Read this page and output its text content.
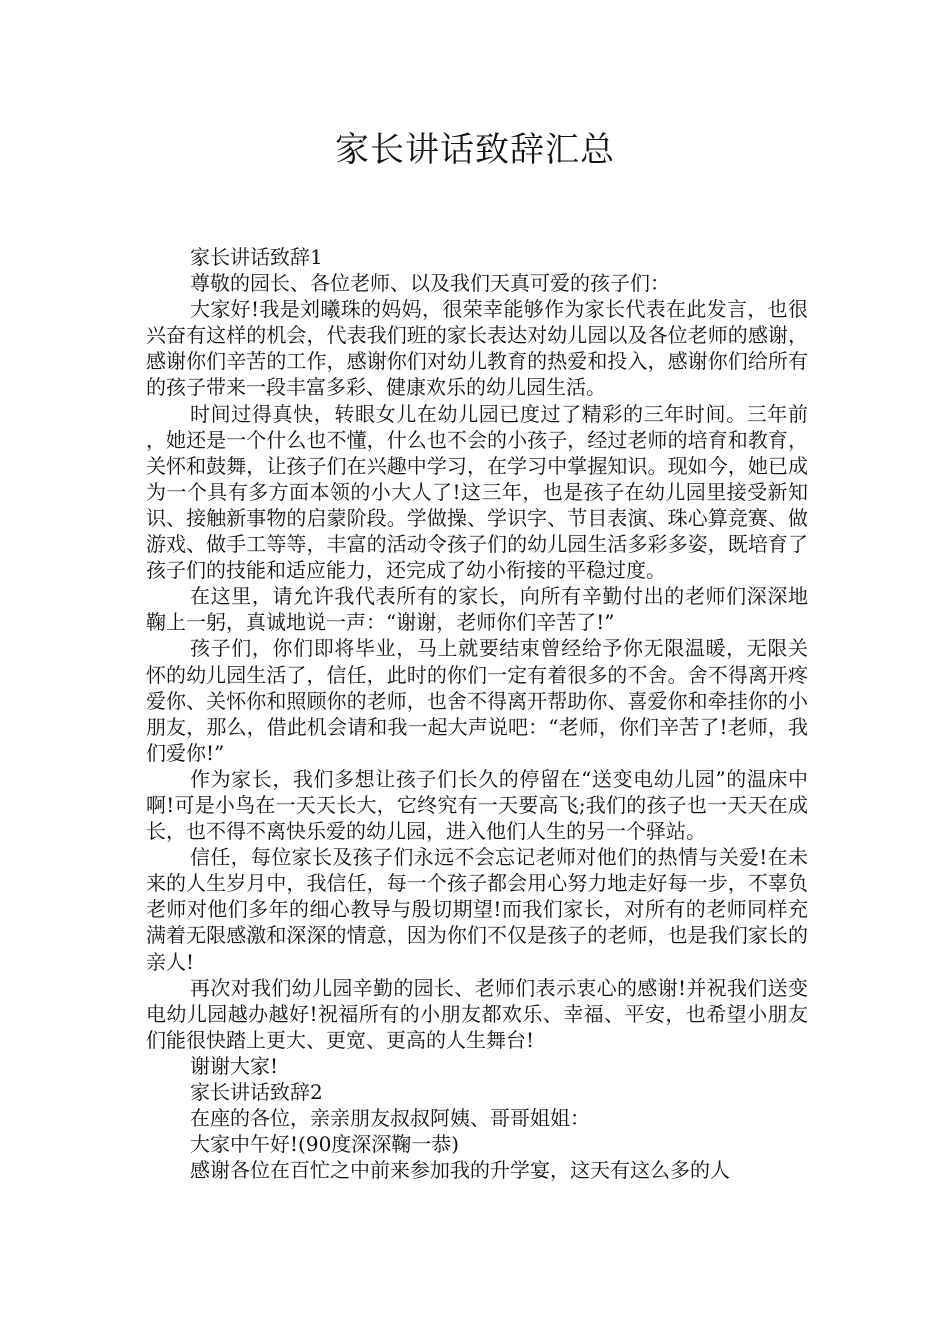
家长讲话致辞汇总

家长讲话致辞1

尊敬的园长、各位老师、以及我们天真可爱的孩子们：

大家好!我是刘曦珠的妈妈，很荣幸能够作为家长代表在此发言，也很兴奋有这样的机会，代表我们班的家长表达对幼儿园以及各位老师的感谢，感谢你们辛苦的工作，感谢你们对幼儿教育的热爱和投入，感谢你们给所有的孩子带来一段丰富多彩、健康欢乐的幼儿园生活。

时间过得真快，转眼女儿在幼儿园已度过了精彩的三年时间。三年前，她还是一个什么也不懂，什么也不会的小孩子，经过老师的培育和教育，关怀和鼓舞，让孩子们在兴趣中学习，在学习中掌握知识。现如今，她已成为一个具有多方面本领的小大人了!这三年，也是孩子在幼儿园里接受新知识、接触新事物的启蒙阶段。学做操、学识字、节目表演、珠心算竞赛、做游戏、做手工等等，丰富的活动令孩子们的幼儿园生活多彩多姿，既培育了孩子们的技能和适应能力，还完成了幼小衔接的平稳过度。

在这里，请允许我代表所有的家长，向所有辛勤付出的老师们深深地鞠上一躬，真诚地说一声：“谢谢，老师你们辛苦了!”

孩子们，你们即将毕业，马上就要结束曾经给予你无限温暖，无限关怀的幼儿园生活了，信任，此时的你们一定有着很多的不舍。舍不得离开疼爱你、关怀你和照顾你的老师，也舍不得离开帮助你、喜爱你和牵挂你的小朋友，那么，借此机会请和我一起大声说吧：“老师，你们辛苦了!老师，我们爱你!”

作为家长，我们多想让孩子们长久的停留在“送变电幼儿园”的温床中啊!可是小鸟在一天天长大，它终究有一天要高飞;我们的孩子也一天天在成长，也不得不离快乐爱的幼儿园，进入他们人生的另一个驿站。

信任，每位家长及孩子们永远不会忘记老师对他们的热情与关爱!在未来的人生岁月中，我信任，每一个孩子都会用心努力地走好每一步，不辜负老师对他们多年的细心教导与殷切期望!而我们家长，对所有的老师同样充满着无限感激和深深的情意，因为你们不仅是孩子的老师，也是我们家长的亲人!

再次对我们幼儿园辛勤的园长、老师们表示衷心的感谢!并祝我们送变电幼儿园越办越好!祝福所有的小朋友都欢乐、幸福、平安，也希望小朋友们能很快踏上更大、更宽、更高的人生舞台!

谢谢大家!

家长讲话致辞2

在座的各位，亲亲朋友叔叔阿姨、哥哥姐姐：

大家中午好!(90度深深鞠一恭)

感谢各位在百忙之中前来参加我的升学宴，这天有这么多的人
